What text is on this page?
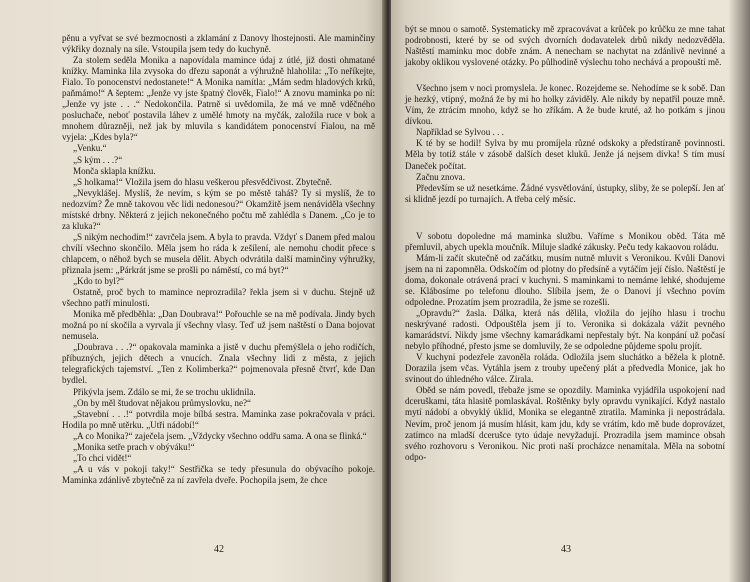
pěnu a vyřvat se své bezmocnosti a zklamání z Danovy lhostejnosti. Ale maminčiny výkřiky doznaly na síle. Vstoupila jsem tedy do kuchyně.

Za stolem seděla Monika a napovídala mamince údaj z útlé, již dosti ohmatané knížky. Maminka lila zvysoka do dřezu saponát a výhružně hlaholila: „To neříkejte, Fialo. To ponocenství nedostanete!“ A Monika namítla: „Mám sedm hladových krků, paňmámo!“ A šeptem: „Jenže vy jste špatný člověk, Fialo!“ A znovu maminka po ní: „Jenže vy jste . . .“ Nedokončila. Patrně si uvědomila, že má ve mně vděčného posluchače, neboť postavila láhev z umělé hmoty na myčák, založila ruce v bok a mnohem důrazněji, než jak by mluvila s kandidátem ponocenství Fialou, na mě vyjela: „Kdes byla?“

„Venku.“

„S kým . . .?“

Monča sklapla knížku.

„S holkama!“ Vložila jsem do hlasu veškerou přesvědčivost. Zbytečně.

„Nevyklášej. Myslíš, že nevím, s kým se po městě taháš? Ty si myslíš, že to nedozvím? Že mně takovou věc lidi nedonesou?“ Okamžitě jsem nenáviděla všechny místské drbny. Některá z jejich nekonečného počtu mě zahlédla s Danem. „Co je to za kluka?“

„S nikým nechodím!“ zavrčela jsem. A byla to pravda. Vždyť s Danem před malou chvílí všechno skončilo. Měla jsem ho ráda k zešílení, ale nemohu chodit přece s chlapcem, o něhož bych se musela dělit. Abych odvrátila další maminčiny výhružky, přiznala jsem: „Párkrát jsme se prošli po náměstí, co má byt?“

„Kdo to byl?“

Ostatně, proč bych to mamince neprozradila? řekla jsem si v duchu. Stejně už všechno patří minulosti.

Monika mě předběhla: „Dan Doubrava!“ Pořouchle se na mě podívala. Jindy bych možná po ní skočila a vyrvala jí všechny vlasy. Teď už jsem naštěstí o Dana bojovat nemusela.

„Doubrava . . .?“ opakovala maminka a jistě v duchu přemýšlela o jeho rodičích, příbuzných, jejich dětech a vnucích. Znala všechny lidi z města, z jejich telegrafických tajemství. „Ten z Kolimberka?“ pojmenovala přesně čtvrť, kde Dan bydlel.

Přikývla jsem. Zdálo se mi, že se trochu uklidnila.

„On by měl študovat nějakou průmyslovku, ne?“

„Stavební . . .!“ potvrdila moje bílbá sestra. Maminka zase pokračovala v práci. Hodila po mně utěrku. „Utři nádobí!“

„A co Monika?“ zaječela jsem. „Vždycky všechno oddřu sama. A ona se flinká.“

„Monika setře prach v obýváku!“

„To chci vidět!“

„A u vás v pokoji taky!“ Sestřička se tedy přesunula do obývacího pokoje. Maminka zdánlivě zbytečně za ní zavřela dveře. Pochopila jsem, že chce

42

být se mnou o samotě. Systematicky mě zpracovávat a krůček po krůčku ze mne tahat podrobnosti, které by se od svých dvorních dodavatelek drbů nikdy nedozvěděla. Naštěstí maminku moc dobře znám. A nenecham se nachytat na zdánlivě nevinné a jakoby oklikou vyslovené otázky. Po půlhodině výslechu toho nechává a propouští mě.

Všechno jsem v noci promyslela. Je konec. Rozejdeme se. Nehodíme se k sobě. Dan je hezký, vtipný, možná že by mi ho holky záviděly. Ale nikdy by nepatřil pouze mně. Vím, že ztrácím mnoho, když se ho zříkám. A že bude kruté, až ho potkám s jinou dívkou.

Například se Sylvou . . .

K té by se hodil! Sylva by mu promíjela různé odskoky a předstíraně povinnosti. Měla by totiž stále v zásobě dalších deset kluků. Jenže já nejsem dívka! S tím musí Daneček počítat.

Začnu znova.

Především se už nesetkáme. Žádné vysvětlování, ústupky, sliby, že se polepší. Jen ať si klidně jezdí po turnajích. A třeba celý měsíc.

V sobotu dopoledne má maminka službu. Vaříme s Monikou oběd. Táta mě přemluvil, abych upekla moučník. Miluje sladké zákusky. Peču tedy kakaovou roládu.

Mám-li začít skutečně od začátku, musím nutně mluvit s Veronikou. Kvůli Danovi jsem na ni zapomněla. Odskočím od plotny do předsíně a vytáčím její číslo. Naštěstí je doma, dokonale otrávená prací v kuchyni. S maminkami to nemáme lehké, shodujeme se. Klábosíme po telefonu dlouho. Slíbila jsem, že o Danovi jí všechno povím odpoledne. Prozatím jsem prozradila, že jsme se rozešli.

„Opravdu?“ žasla. Dálka, která nás dělila, vložila do jejího hlasu i trochu neskrývané radosti. Odpouštěla jsem jí to. Veronika si dokázala vážit pevného kamarádství. Nikdy jsme všechny kamarádkami nepřestaly být. Na konpání už počasí nebylo příhodné, přesto jsme se domluvily, že se odpoledne půjdeme spolu projít.

V kuchyni podezřele zavoněla roláda. Odložila jsem sluchátko a běžela k plotně. Dorazila jsem včas. Vytáhla jsem z trouby upečený plát a předvedla Monice, jak ho svinout do úhledného válce. Zírala.

Oběd se nám povedl, třebaže jsme se opozdily. Maminka vyjádřila uspokojení nad dceruškami, táta hlasitě pomlaskával. Roštěnky byly opravdu vynikající. Když nastalo mytí nádobí a obvyklý úklid, Monika se elegantně ztratila. Maminka ji nepostrádala. Nevím, proč jenom já musím hlásit, kam jdu, kdy se vrátím, kdo mě bude doprovázet, zatímco na mladší dcerušce tyto údaje nevyžadují. Prozradila jsem mamince obsah svého rozhovoru s Veronikou. Nic proti naší procházce nenamítala. Měla na sobotní odpo-

43
